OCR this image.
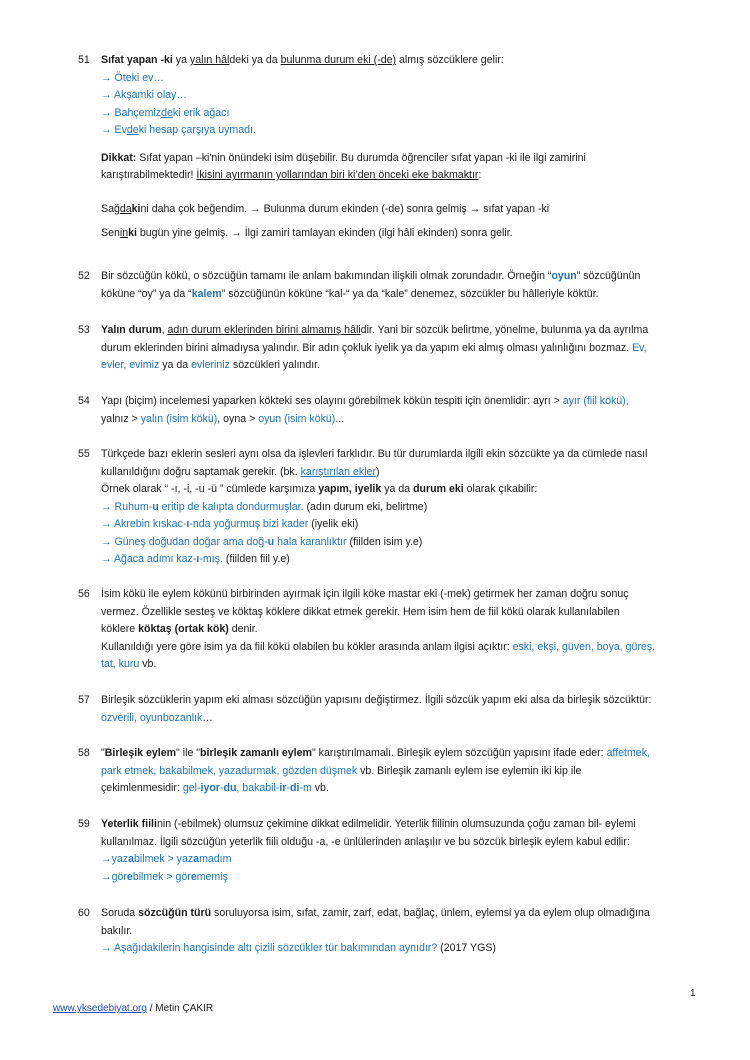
51	Sıfat yapan -ki ya yalın hâldeki ya da bulunma durum eki (-de) almış sözcüklere gelir:
→ Öteki ev…
→ Akşamki olay…
→ Bahçemizdeki erik ağacı
→ Evdeki hesap çarşıya uymadı.
Dikkat: Sıfat yapan –ki'nin önündeki isim düşebilir. Bu durumda öğrenciler sıfat yapan -ki ile ilgi zamirini
karıştırabilmektedir! İkisini ayırmanın yollarından biri ki’den önceki eke bakmaktır:
Sağdakini daha çok beğendim. → Bulunma durum ekinden (-de) sonra gelmiş → sıfat yapan -ki
Seninki bugün yine gelmiş. → İlgi zamiri tamlayan ekinden (ilgi hâli ekinden) sonra gelir.
52	Bir sözcüğün kökü, o sözcüğün tamamı ile anlam bakımından ilişkili olmak zorundadır. Örneğin “oyun” sözcüğünün
köküne “oy” ya da “kalem” sözcüğünün köküne “kal-“ ya da “kale” denemez, sözcükler bu hâlleriyle köktür.
53	Yalın durum, adın durum eklerinden birini almamış hâlidir. Yani bir sözcük belirtme, yönelme, bulunma ya da ayrılma
durum eklerinden birini almadıysa yalındır. Bir adın çokluk iyelik ya da yapım eki almış olması yalınlığını bozmaz. Ev,
evler, evimiz ya da evleriniz sözcükleri yalındır.
54	Yapı (biçim) incelemesi yaparken kökteki ses olayını görebilmek kökün tespiti için önemlidir: ayrı > ayır (fiil kökü),
yalnız > yalın (isim kökü), oyna > oyun (isim kökü)...
55	Türkçede bazı eklerin sesleri aynı olsa da işlevleri farklıdır. Bu tür durumlarda ilgili ekin sözcükte ya da cümlede nasıl
kullanıldığını doğru saptamak gerekir. (bk. karıştırılan ekler)
Örnek olarak “ -ı, -i, -u -ü ” cümlede karşımıza yapım, iyelik ya da durum eki olarak çıkabilir:
→ Ruhum-u eritip de kalıpta dondurmuşlar. (adın durum eki, belirtme)
→ Akrebin kıskac-ı-nda yoğurmuş bizi kader (iyelik eki)
→ Güneş doğudan doğar ama doğ-u hala karanlıktır (fiilden isim y.e)
→ Ağaca adımı kaz-ı-mış. (fiilden fiil y.e)
56	İsim kökü ile eylem kökünü birbirinden ayırmak için ilgili köke mastar eki (-mek) getirmek her zaman doğru sonuç
vermez. Özellikle sesteş ve köktaş köklere dikkat etmek gerekir. Hem isim hem de fiil kökü olarak kullanılabilen
köklere köktaş (ortak kök) denir.
Kullanıldığı yere göre isim ya da fiil kökü olabilen bu kökler arasında anlam ilgisi açıktır: eski, ekşi, güven, boya, güreş,
tat, kuru vb.
57	Birleşik sözcüklerin yapım eki alması sözcüğün yapısını değiştirmez. İlgili sözcük yapım eki alsa da birleşik sözcüktür:
özverili, oyunbozanlık…
58	"Birleşik eylem" ile "birleşik zamanlı eylem" karıştırılmamalı. Birleşik eylem sözcüğün yapısını ifade eder: affetmek,
park etmek, bakabilmek, yazadurmak, gözden düşmek vb. Birleşik zamanlı eylem ise eylemin iki kip ile
çekimlenmesidir: gel-iyor-du, bakabil-ir-di-m vb.
59	Yeterlik fiilinin (-ebilmek) olumsuz çekimine dikkat edilmelidir. Yeterlik fiilinin olumsuzunda çoğu zaman bil- eylemi
kullanılmaz. İlgili sözcüğün yeterlik fiili olduğu -a, -e ünlülerinden anlaşılır ve bu sözcük birleşik eylem kabul edilir:
→yazabilmek > yazamadım
→görebilmek > görememiş
60	Soruda sözcüğün türü soruluyorsa isim, sıfat, zamir, zarf, edat, bağlaç, ünlem, eylemsi ya da eylem olup olmadığına
bakılır.
→ Aşağıdakilerin hangisinde altı çizili sözcükler tür bakımından aynıdır? (2017 YGS)
1
www.yksedebiyat.org / Metin ÇAKIR
